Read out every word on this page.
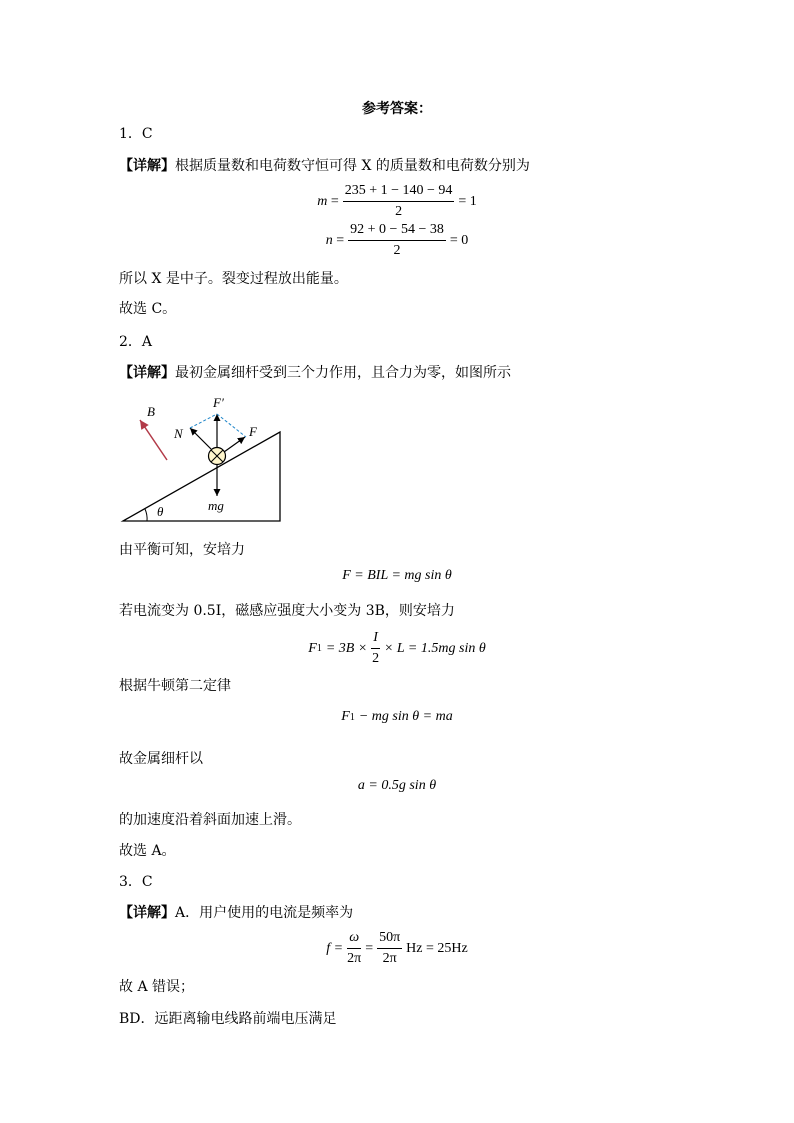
参考答案：
1．C
【详解】根据质量数和电荷数守恒可得 X 的质量数和电荷数分别为
$m = \frac{235 + 1 - 140 - 94}{2} = 1$
$n = \frac{92 + 0 - 54 - 38}{2} = 0$
所以 X 是中子。裂变过程放出能量。
故选 C。
2．A
【详解】最初金属细杆受到三个力作用，且合力为零，如图所示
θ
B
mg
F′
N	F
由平衡可知，安培力
F = BIL = mg sin θ
若电流变为 0.5I，磁感应强度大小变为 3B，则安培力
F $1 = 3B \times \frac{I}{2} \times L = 1.5mg$ sin θ
根据牛顿第二定律
F 1 − mg sin θ = ma
故金属细杆以
a = 0.5g sin θ
的加速度沿着斜面加速上滑。
故选 A。
3．C
【详解】A．用户使用的电流是频率为
$f = \frac{\omega}{2\pi} = \frac{50\pi}{2\pi}$ Hz = 25Hz
故 A 错误；
BD．远距离输电线路前端电压满足
